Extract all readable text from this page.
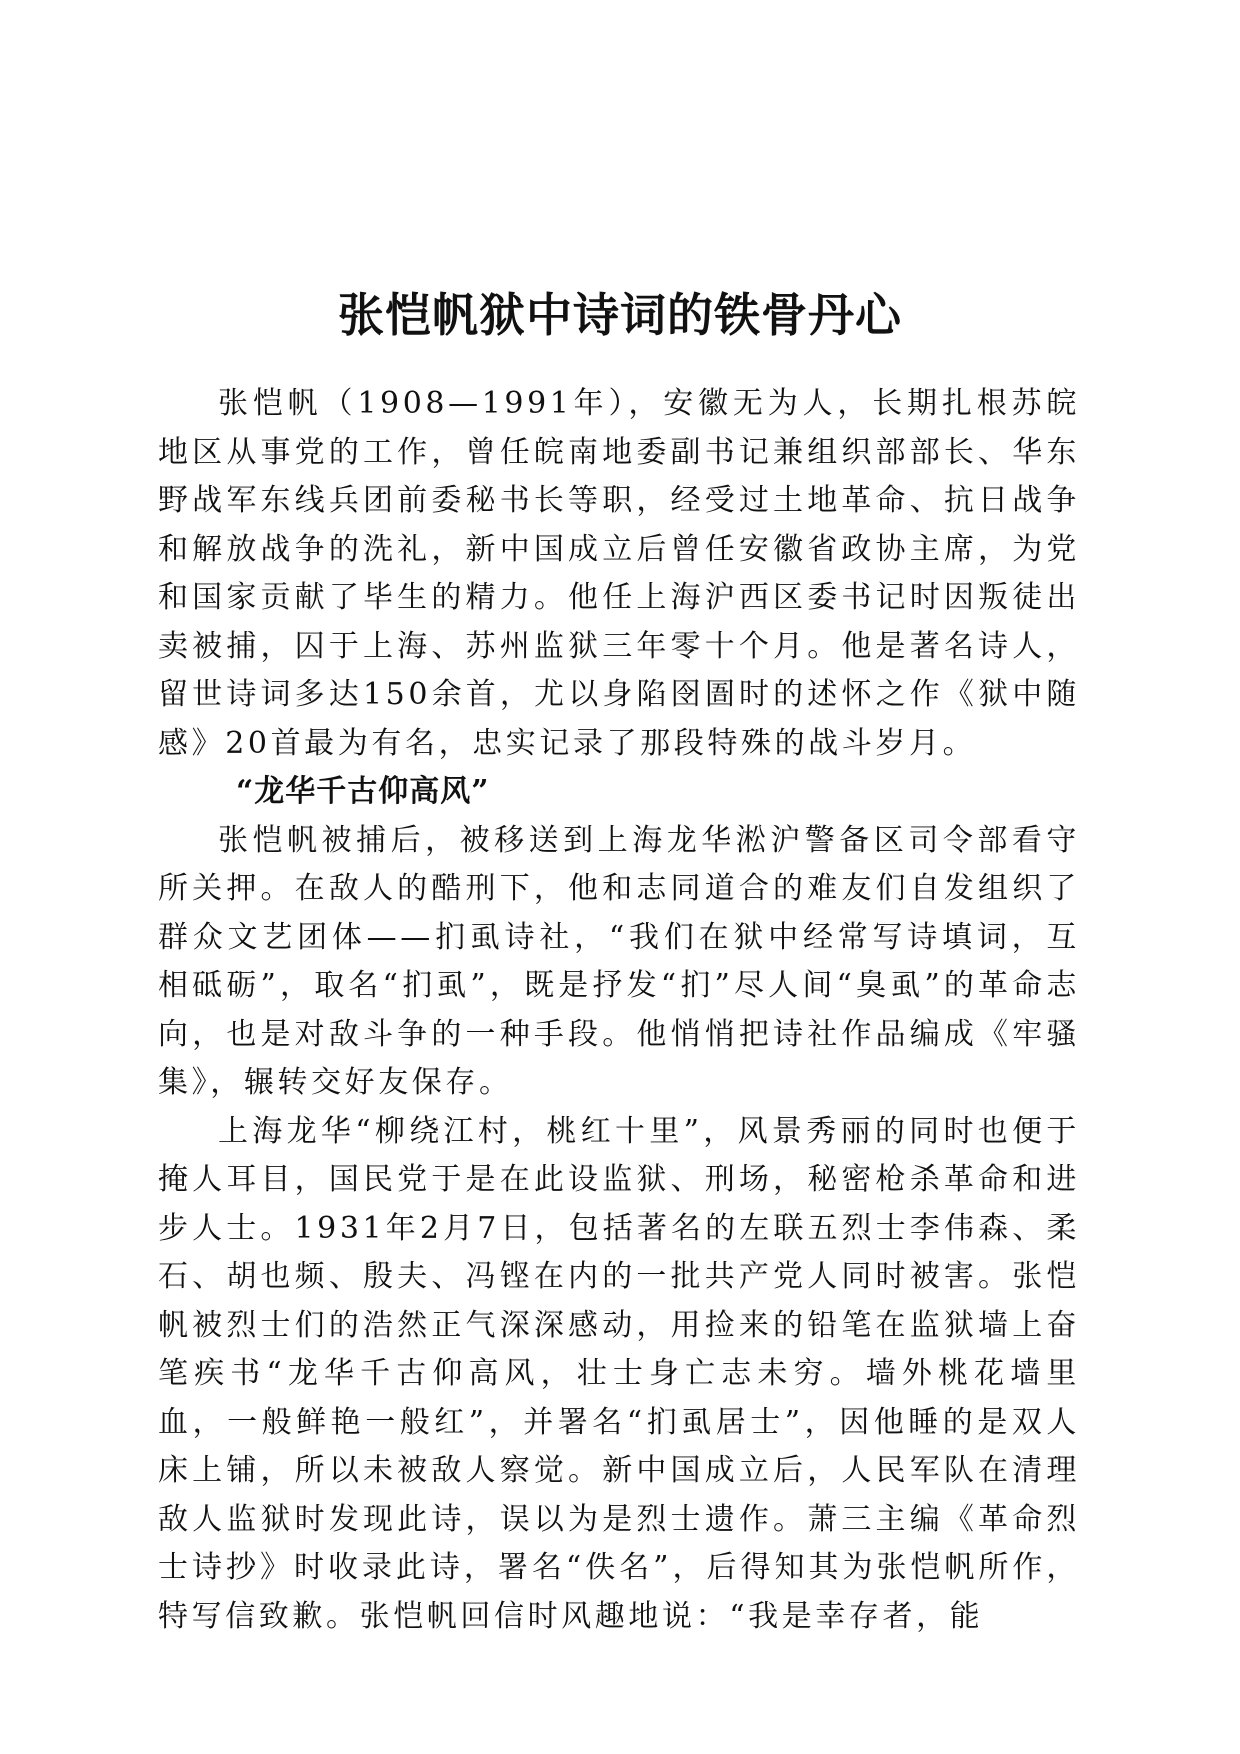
张恺帆狱中诗词的铁骨丹心

张恺帆（1908—1991年），安徽无为人，长期扎根苏皖地区从事党的工作，曾任皖南地委副书记兼组织部部长、华东野战军东线兵团前委秘书长等职，经受过土地革命、抗日战争和解放战争的洗礼，新中国成立后曾任安徽省政协主席，为党和国家贡献了毕生的精力。他任上海沪西区委书记时因叛徒出卖被捕，囚于上海、苏州监狱三年零十个月。他是著名诗人，留世诗词多达150余首，尤以身陷囹圄时的述怀之作《狱中随感》20首最为有名，忠实记录了那段特殊的战斗岁月。

“龙华千古仰高风”

张恺帆被捕后，被移送到上海龙华淞沪警备区司令部看守所关押。在敌人的酷刑下，他和志同道合的难友们自发组织了群众文艺团体——扪虱诗社，“我们在狱中经常写诗填词，互相砥砺”，取名“扪虱”，既是抒发“扪”尽人间“臭虱”的革命志向，也是对敌斗争的一种手段。他悄悄把诗社作品编成《牢骚集》，辗转交好友保存。

上海龙华“柳绕江村，桃红十里”，风景秀丽的同时也便于掩人耳目，国民党于是在此设监狱、刑场，秘密枪杀革命和进步人士。1931年2月7日，包括著名的左联五烈士李伟森、柔石、胡也频、殷夫、冯铿在内的一批共产党人同时被害。张恺帆被烈士们的浩然正气深深感动，用捡来的铅笔在监狱墙上奋笔疾书“龙华千古仰高风，壮士身亡志未穷。墙外桃花墙里血，一般鲜艳一般红”，并署名“扪虱居士”，因他睡的是双人床上铺，所以未被敌人察觉。新中国成立后，人民军队在清理敌人监狱时发现此诗，误以为是烈士遗作。萧三主编《革命烈士诗抄》时收录此诗，署名“佚名”，后得知其为张恺帆所作，特写信致歉。张恺帆回信时风趣地说：“我是幸存者，能
